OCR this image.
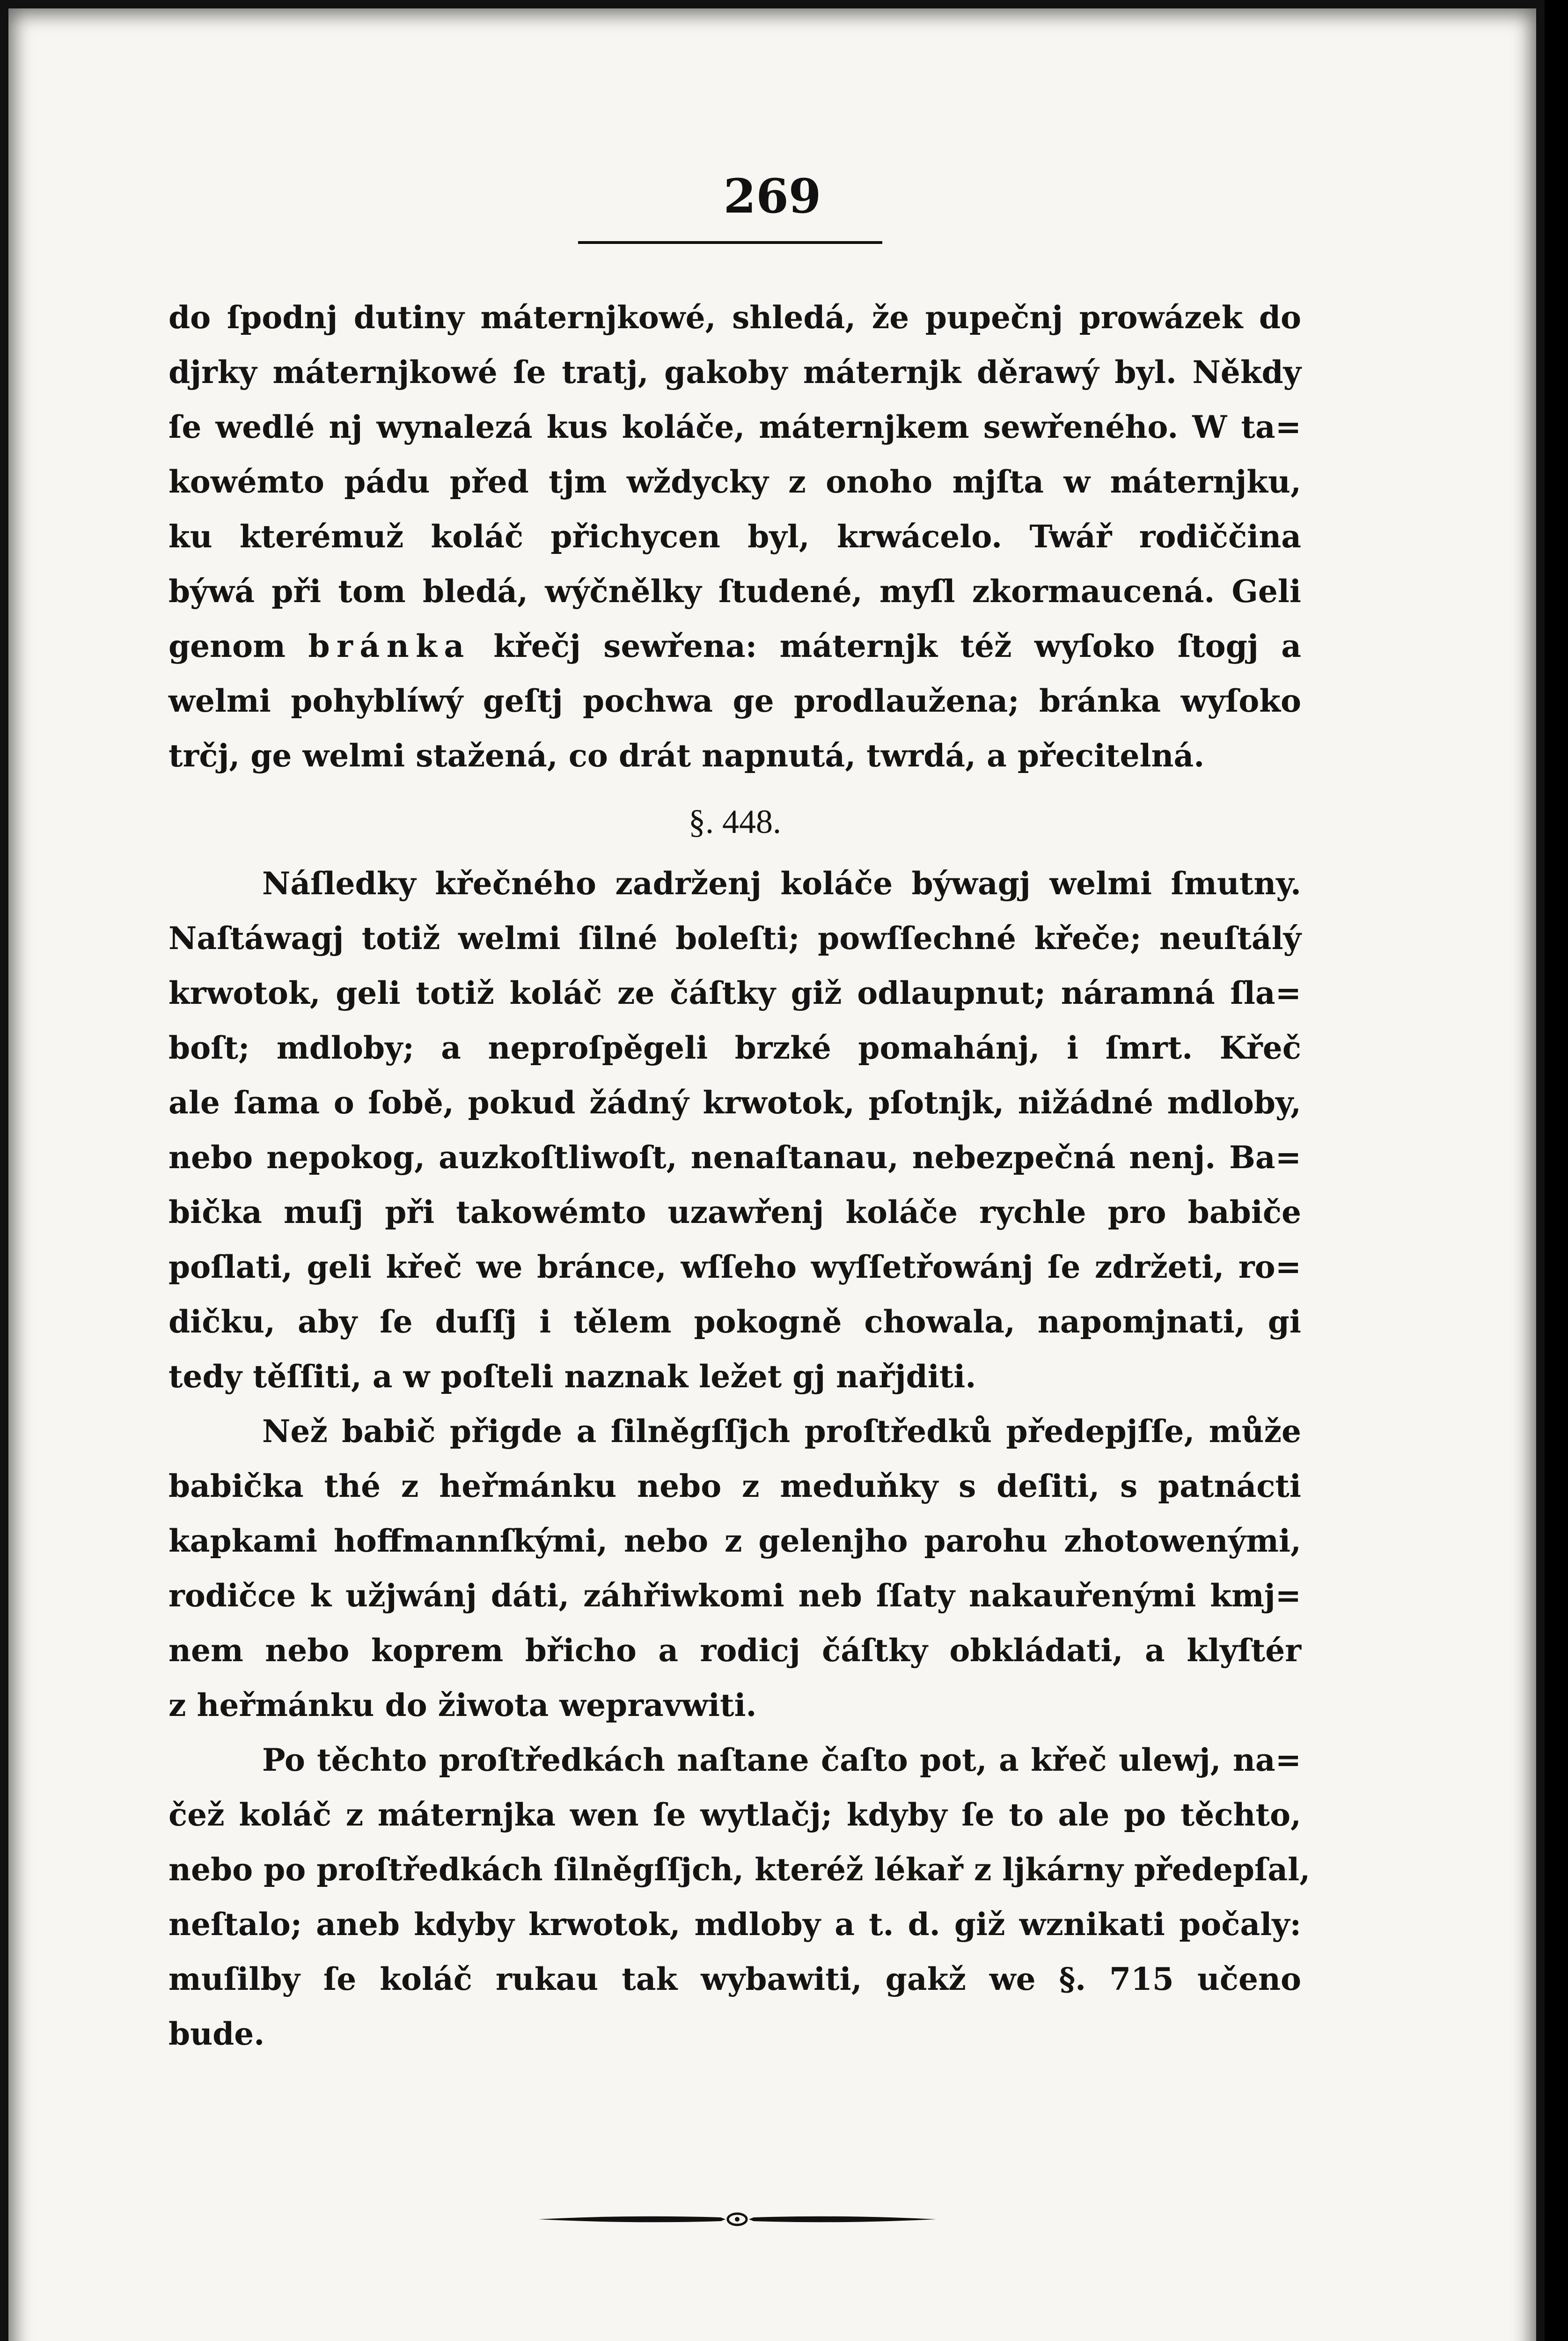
269
do ſpodnj dutiny máternjkowé, shledá, že pupečnj prowázek do
djrky máternjkowé ſe tratj, gakoby máternjk děrawý byl. Někdy
ſe wedlé nj wynalezá kus koláče, máternjkem sewřeného. W ta=
kowémto pádu před tjm wždycky z onoho mjſta w máternjku,
ku kterémuž koláč přichycen byl, krwácelo. Twář rodiččina
býwá při tom bledá, wýčnělky ſtudené, myſl zkormaucená. Geli
genom bránka křečj sewřena: máternjk též wyſoko ſtogj a
welmi pohyblíwý geſtj pochwa ge prodlaužena; bránka wyſoko
trčj, ge welmi stažená, co drát napnutá, twrdá, a přecitelná.
§. 448.
Náſledky křečného zadrženj koláče býwagj welmi ſmutny.
Naſtáwagj totiž welmi ſilné boleſti; powſſechné křeče; neuſtálý
krwotok, geli totiž koláč ze čáſtky giž odlaupnut; náramná ſla=
boſt; mdloby; a neproſpěgeli brzké pomahánj, i ſmrt. Křeč
ale ſama o ſobě, pokud žádný krwotok, pſotnjk, nižádné mdloby,
nebo nepokog, auzkoſtliwoſt, nenaſtanau, nebezpečná nenj. Ba=
bička muſj při takowémto uzawřenj koláče rychle pro babiče
poſlati, geli křeč we bránce, wſſeho wyſſetřowánj ſe zdržeti, ro=
dičku, aby ſe duſſj i tělem pokogně chowala, napomjnati, gi
tedy těſſiti, a w poſteli naznak ležet gj nařjditi.
Než babič přigde a ſilněgſſjch proſtředků předepjſſe, může
babička thé z heřmánku nebo z meduňky s deſiti, s patnácti
kapkami hoffmannſkými, nebo z gelenjho parohu zhotowenými,
rodičce k užjwánj dáti, záhřiwkomi neb ſſaty nakauřenými kmj=
nem nebo koprem břicho a rodicj čáſtky obkládati, a klyſtér
z heřmánku do žiwota wepravwiti.
Po těchto proſtředkách naſtane čaſto pot, a křeč ulewj, na=
čež koláč z máternjka wen ſe wytlačj; kdyby ſe to ale po těchto,
nebo po proſtředkách ſilněgſſjch, kteréž lékař z ljkárny předepſal,
neſtalo; aneb kdyby krwotok, mdloby a t. d. giž wznikati počaly:
muſilby ſe koláč rukau tak wybawiti, gakž we §. 715 učeno
bude.
